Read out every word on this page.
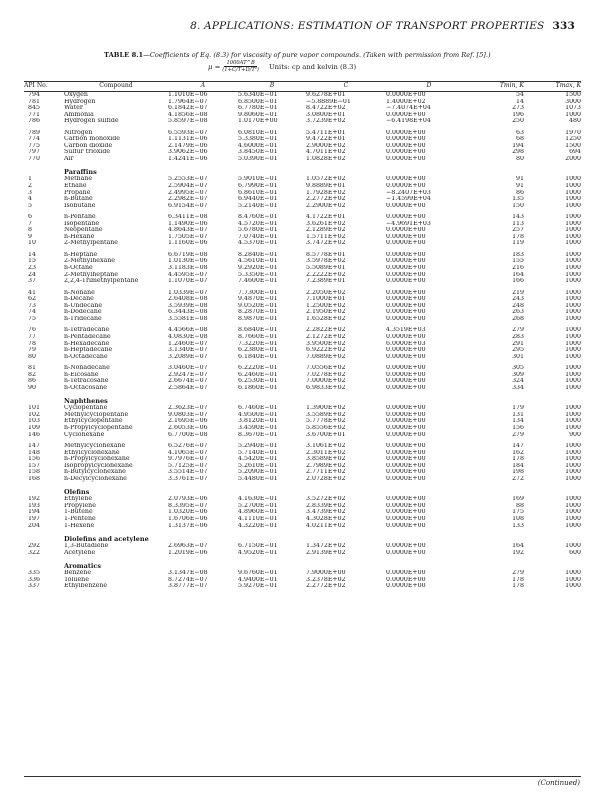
8. APPLICATIONS: ESTIMATION OF TRANSPORT PROPERTIES 333
TABLE 8.1—Coefficients of Eq. (8.3) for viscosity of pure vapor compounds. (Taken with permission from Ref. [5].)
$\mu = \frac{1000AT\^{}B}{\text{(1+C/T+D/T²)}}$ Units: cp and kelvin (8.3)
API No.	Compound	A	B	C	D	Tmin, K	Tmax, K
794	Oxygen	1.1010E−06	5.6340E−01	9.6278E+01	0.0000E+00	54	1500
781	Hydrogen	1.7964E−07	6.8500E−01	−5.8889E−01	1.4000E+02	14	3000
845	Water	6.1842E−07	6.7780E−01	8.4722E+02	−7.4074E+04	273	1073
771	Ammonia	4.1856E−08	9.8060E−01	3.0800E+01	0.0000E+00	196	1000
786	Hydrogen sulfide	5.8597E−08	1.0170E+00	3.7239E+02	−6.4198E+04	250	480

789	Nitrogen	6.5593E−07	6.0810E−01	5.4711E+01	0.0000E+00	63	1970
774	Carbon monoxide	1.1131E−06	5.3380E−01	9.4722E+01	0.0000E+00	68	1250
775	Carbon dioxide	2.1479E−06	4.6000E−01	2.9000E+02	0.0000E+00	194	1500
797	Sulfur trioxide	3.9062E−06	3.8450E−01	4.7011E+02	0.0000E+00	298	694
770	Air	1.4241E−06	5.0390E−01	1.0828E+02	0.0000E+00	80	2000

	Paraffins						
1	Methane	5.2553E−07	5.9010E−01	1.0572E+02	0.0000E+00	91	1000
2	Ethane	2.5904E−07	6.7990E−01	9.8889E+01	0.0000E+00	91	1000
3	Propane	2.4995E−07	6.8610E−01	1.7928E+02	−8.2407E+03	86	1000
4	n-Butane	2.2982E−07	6.9440E−01	2.2772E+02	−1.4599E+04	135	1000
5	Isobutane	6.9154E−07	5.2140E−01	2.2900E+02	0.0000E+00	150	1000

6	n-Pentane	6.3411E−08	8.4760E−01	4.1722E+01	0.0000E+00	143	1000
7	Isopentane	1.1490E−06	4.5720E−01	3.6261E+02	−4.9691E+03	113	1000
8	Neopentane	4.8643E−07	5.6780E−01	2.1289E+02	0.0000E+00	257	1000
9	n-Hexane	1.7505E−07	7.0740E−01	1.5711E+02	0.0000E+00	178	1000
10	2-Methylpentane	1.1160E−06	4.5370E−01	3.7472E+02	0.0000E+00	119	1000

14	n-Heptane	6.6719E−08	8.2840E−01	8.5778E+01	0.0000E+00	183	1000
15	2-Methylhexane	1.0130E−06	4.5610E−01	3.5978E+02	0.0000E+00	155	1000
23	n-Octane	3.1183E−08	9.2920E−01	5.5089E+01	0.0000E+00	216	1000
24	2-Methylheptane	4.4595E−07	5.3350E−01	2.2222E+02	0.0000E+00	164	1000
37	2,2,4-Trimethylpentane	1.1070E−07	7.4600E−01	7.2389E+01	0.0000E+00	166	1000

41	n-Nonane	1.0339E−07	7.7300E−01	2.2050E+02	0.0000E+00	219	1000
62	n-Decane	2.6408E−08	9.4870E−01	7.1000E+01	0.0000E+00	243	1000
73	n-Undecane	3.5939E−08	9.0520E−01	1.2500E+02	0.0000E+00	248	1000
74	n-Dodecane	6.3443E−08	8.2870E−01	2.1950E+02	0.0000E+00	263	1000
75	n-Tridecane	3.5581E−08	8.9870E−01	1.6528E+02	0.0000E+00	268	1000

76	n-Tetradecane	4.4566E−08	8.6840E−01	2.2822E+02	4.3519E+03	279	1000
77	n-Pentadecane	4.0830E−08	8.7660E−01	2.1272E+02	0.0000E+00	283	1000
78	n-Hexadecane	1.2460E−07	7.3220E−01	3.9500E+02	6.0000E+03	291	1000
79	n-Heptadecane	3.1340E−07	6.2380E−01	6.9222E+02	0.0000E+00	295	1000
80	n-Octadecane	3.2089E−07	6.1840E−01	7.0889E+02	0.0000E+00	301	1000

81	n-Nonadecane	3.0460E−07	6.2220E−01	7.0556E+02	0.0000E+00	305	1000
82	n-Eicosane	2.9247E−07	6.2460E−01	7.0278E+02	0.0000E+00	309	1000
86	n-Tetracosane	2.6674E−07	6.2530E−01	7.0000E+02	0.0000E+00	324	1000
90	n-Octacosane	2.5864E−07	6.1860E−01	6.9833E+02	0.0000E+00	334	1000

	Naphthenes						
101	Cyclopentane	2.3623E−07	6.7460E−01	1.3900E+02	0.0000E+00	179	1000
102	Methylcyclopentane	9.0803E−07	4.9500E−01	3.5589E+02	0.0000E+00	131	1000
103	Ethylcyclopentane	2.1695E−06	3.8120E−01	5.7778E+02	0.0000E+00	134	1000
109	n-Propylcyclopentane	2.6053E−06	3.4590E−01	5.8556E+02	0.0000E+00	156	1000
146	Cyclohexane	6.7700E−08	8.3670E−01	3.6700E+01	0.0000E+00	279	900

147	Methylcyclohexane	6.5276E−07	5.2940E−01	3.1061E+02	0.0000E+00	147	1000
148	Ethylcyclohexane	4.1065E−07	5.7140E−01	2.3011E+02	0.0000E+00	162	1000
156	n-Propylcyclohexane	9.7976E−07	4.5420E−01	3.8589E+02	0.0000E+00	178	1000
157	Isopropylcyclohexane	5.7125E−07	5.2610E−01	2.7989E+02	0.0000E+00	184	1000
158	n-Butylcyclohexane	3.5514E−07	5.2090E−01	2.7711E+02	0.0000E+00	198	1000
168	n-Decylcyclohexane	3.3761E−07	5.4480E−01	2.0728E+02	0.0000E+00	272	1000

	Olefins						
192	Ethylene	2.0793E−06	4.1630E−01	3.5272E+02	0.0000E+00	169	1000
193	Propylene	8.3395E−07	5.2700E−01	2.8339E+02	0.0000E+00	88	1000
194	1-Butene	1.0320E−06	4.8960E−01	3.4739E+02	0.0000E+00	175	1000
197	1-Pentene	1.6706E−06	4.1110E−01	4.3028E+02	0.0000E+00	108	1000
204	1-Hexene	1.3137E−06	4.3220E−01	4.0211E+02	0.0000E+00	133	1000

	Diolefins and acetylene						
292	1,3-Butadiene	2.6963E−07	6.7150E−01	1.3472E+02	0.0000E+00	164	1000
322	Acetylene	1.2019E−06	4.9520E−01	2.9139E+02	0.0000E+00	192	600

	Aromatics						
335	Benzene	3.1347E−08	9.6760E−01	7.9000E+00	0.0000E+00	279	1000
336	Toluene	8.7274E−07	4.9400E−01	3.2378E+02	0.0000E+00	178	1000
337	Ethylbenzene	3.8777E−07	5.9270E−01	2.2772E+02	0.0000E+00	178	1000
(Continued)
